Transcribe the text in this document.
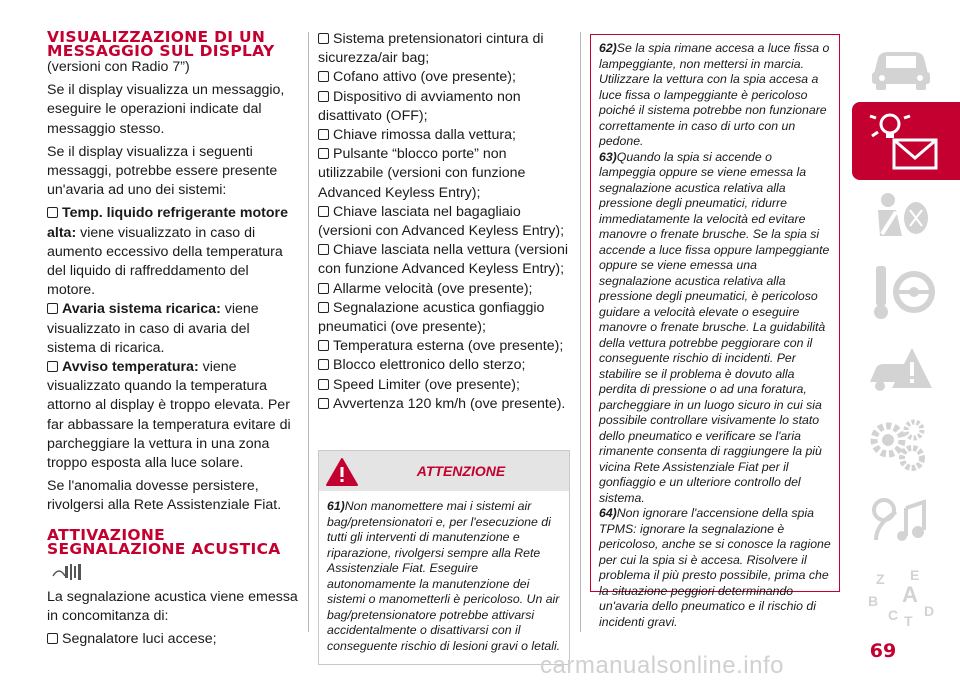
VISUALIZZAZIONE DI UN MESSAGGIO SUL DISPLAY

(versioni con Radio 7”)

Se il display visualizza un messaggio, eseguire le operazioni indicate dal messaggio stesso.

Se il display visualizza i seguenti messaggi, potrebbe essere presente un'avaria ad uno dei sistemi:

Temp. liquido refrigerante motore alta: viene visualizzato in caso di aumento eccessivo della temperatura del liquido di raffreddamento del motore.
Avaria sistema ricarica: viene visualizzato in caso di avaria del sistema di ricarica.
Avviso temperatura: viene visualizzato quando la temperatura attorno al display è troppo elevata. Per far abbassare la temperatura evitare di parcheggiare la vettura in una zona troppo esposta alla luce solare.

Se l'anomalia dovesse persistere, rivolgersi alla Rete Assistenziale Fiat.

ATTIVAZIONE SEGNALAZIONE ACUSTICA

La segnalazione acustica viene emessa in concomitanza di:

Segnalatore luci accese;
Sistema pretensionatori cintura di sicurezza/air bag;
Cofano attivo (ove presente);
Dispositivo di avviamento non disattivato (OFF);
Chiave rimossa dalla vettura;
Pulsante “blocco porte” non utilizzabile (versioni con funzione Advanced Keyless Entry);
Chiave lasciata nel bagagliaio (versioni con Advanced Keyless Entry);
Chiave lasciata nella vettura (versioni con funzione Advanced Keyless Entry);
Allarme velocità (ove presente);
Segnalazione acustica gonfiaggio pneumatici (ove presente);
Temperatura esterna (ove presente);
Blocco elettronico dello sterzo;
Speed Limiter (ove presente);
Avvertenza 120 km/h (ove presente).
ATTENZIONE

61)Non manomettere mai i sistemi air bag/pretensionatori e, per l'esecuzione di tutti gli interventi di manutenzione e riparazione, rivolgersi sempre alla Rete Assistenziale Fiat. Eseguire autonomamente la manutenzione dei sistemi o manometterli è pericoloso. Un air bag/pretensionatore potrebbe attivarsi accidentalmente o disattivarsi con il conseguente rischio di lesioni gravi o letali.

62)Se la spia rimane accesa a luce fissa o lampeggiante, non mettersi in marcia. Utilizzare la vettura con la spia accesa a luce fissa o lampeggiante è pericoloso poiché il sistema potrebbe non funzionare correttamente in caso di urto con un pedone.

63)Quando la spia si accende o lampeggia oppure se viene emessa la segnalazione acustica relativa alla pressione degli pneumatici, ridurre immediatamente la velocità ed evitare manovre o frenate brusche. Se la spia si accende a luce fissa oppure lampeggiante oppure se viene emessa una segnalazione acustica relativa alla pressione degli pneumatici, è pericoloso guidare a velocità elevate o eseguire manovre o frenate brusche. La guidabilità della vettura potrebbe peggiorare con il conseguente rischio di incidenti. Per stabilire se il problema è dovuto alla perdita di pressione o ad una foratura, parcheggiare in un luogo sicuro in cui sia possibile controllare visivamente lo stato dello pneumatico e verificare se l'aria rimanente consenta di raggiungere la più vicina Rete Assistenziale Fiat per il gonfiaggio e un ulteriore controllo del sistema.

64)Non ignorare l'accensione della spia TPMS: ignorare la segnalazione è pericoloso, anche se si conosce la ragione per cui la spia si è accesa. Risolvere il problema il più presto possibile, prima che la situazione peggiori determinando un'avaria dello pneumatico e il rischio di incidenti gravi.

Z E
B A
C T
D
69
carmanualsonline.info
